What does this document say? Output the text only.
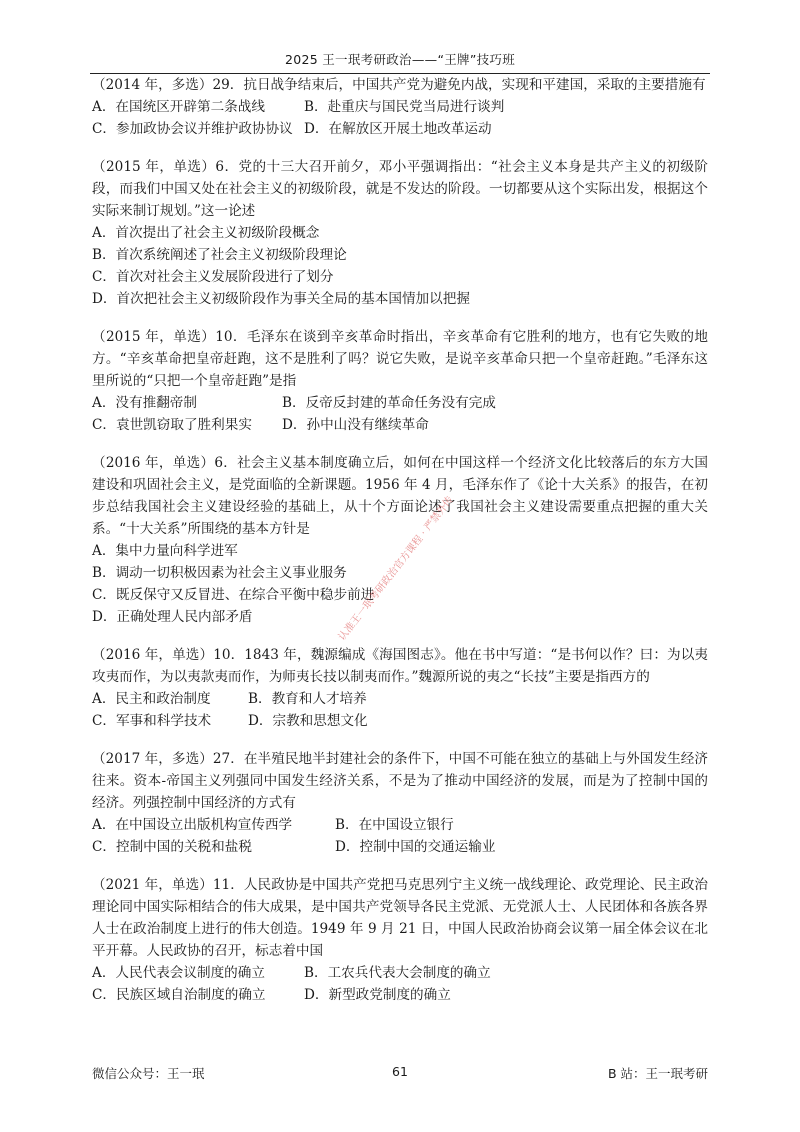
2025 王一珉考研政治——“王牌”技巧班

（2014 年，多选）29．抗日战争结束后，中国共产党为避免内战，实现和平建国，采取的主要措施有

A．在国统区开辟第二条战线	B．赴重庆与国民党当局进行谈判
C．参加政协会议并维护政协协议 D．在解放区开展土地改革运动

（2015 年，单选）6．党的十三大召开前夕，邓小平强调指出：“社会主义本身是共产主义的初级阶段，而我们中国又处在社会主义的初级阶段，就是不发达的阶段。一切都要从这个实际出发，根据这个实际来制订规划。”这一论述

A．首次提出了社会主义初级阶段概念
B．首次系统阐述了社会主义初级阶段理论
C．首次对社会主义发展阶段进行了划分
D．首次把社会主义初级阶段作为事关全局的基本国情加以把握

（2015 年，单选）10．毛泽东在谈到辛亥革命时指出，辛亥革命有它胜利的地方，也有它失败的地方。“辛亥革命把皇帝赶跑，这不是胜利了吗？说它失败，是说辛亥革命只把一个皇帝赶跑。”毛泽东这里所说的“只把一个皇帝赶跑”是指

A．没有推翻帝制	B．反帝反封建的革命任务没有完成
C．袁世凯窃取了胜利果实	D．孙中山没有继续革命

（2016 年，单选）6．社会主义基本制度确立后，如何在中国这样一个经济文化比较落后的东方大国建设和巩固社会主义，是党面临的全新课题。1956 年 4 月，毛泽东作了《论十大关系》的报告，在初步总结我国社会主义建设经验的基础上，从十个方面论述了我国社会主义建设需要重点把握的重大关系。“十大关系”所围绕的基本方针是

A．集中力量向科学进军
B．调动一切积极因素为社会主义事业服务
C．既反保守又反冒进、在综合平衡中稳步前进
D．正确处理人民内部矛盾

（2016 年，单选）10．1843 年，魏源编成《海国图志》。他在书中写道：“是书何以作？曰：为以夷攻夷而作，为以夷款夷而作，为师夷长技以制夷而作。”魏源所说的夷之“长技”主要是指西方的

A．民主和政治制度	B．教育和人才培养
C．军事和科学技术	D．宗教和思想文化

（2017 年，多选）27．在半殖民地半封建社会的条件下，中国不可能在独立的基础上与外国发生经济往来。资本-帝国主义列强同中国发生经济关系，不是为了推动中国经济的发展，而是为了控制中国的经济。列强控制中国经济的方式有

A．在中国设立出版机构宣传西学	B．在中国设立银行
C．控制中国的关税和盐税	D．控制中国的交通运输业

（2021 年，单选）11．人民政协是中国共产党把马克思列宁主义统一战线理论、政党理论、民主政治理论同中国实际相结合的伟大成果，是中国共产党领导各民主党派、无党派人士、人民团体和各族各界人士在政治制度上进行的伟大创造。1949 年 9 月 21 日，中国人民政治协商会议第一届全体会议在北平开幕。人民政协的召开，标志着中国

A．人民代表会议制度的确立	B．工农兵代表大会制度的确立
C．民族区域自治制度的确立	D．新型政党制度的确立
认准王一珉考研政治官方课程 · 严禁外传
微信公众号：王一珉	61	B 站：王一珉考研
